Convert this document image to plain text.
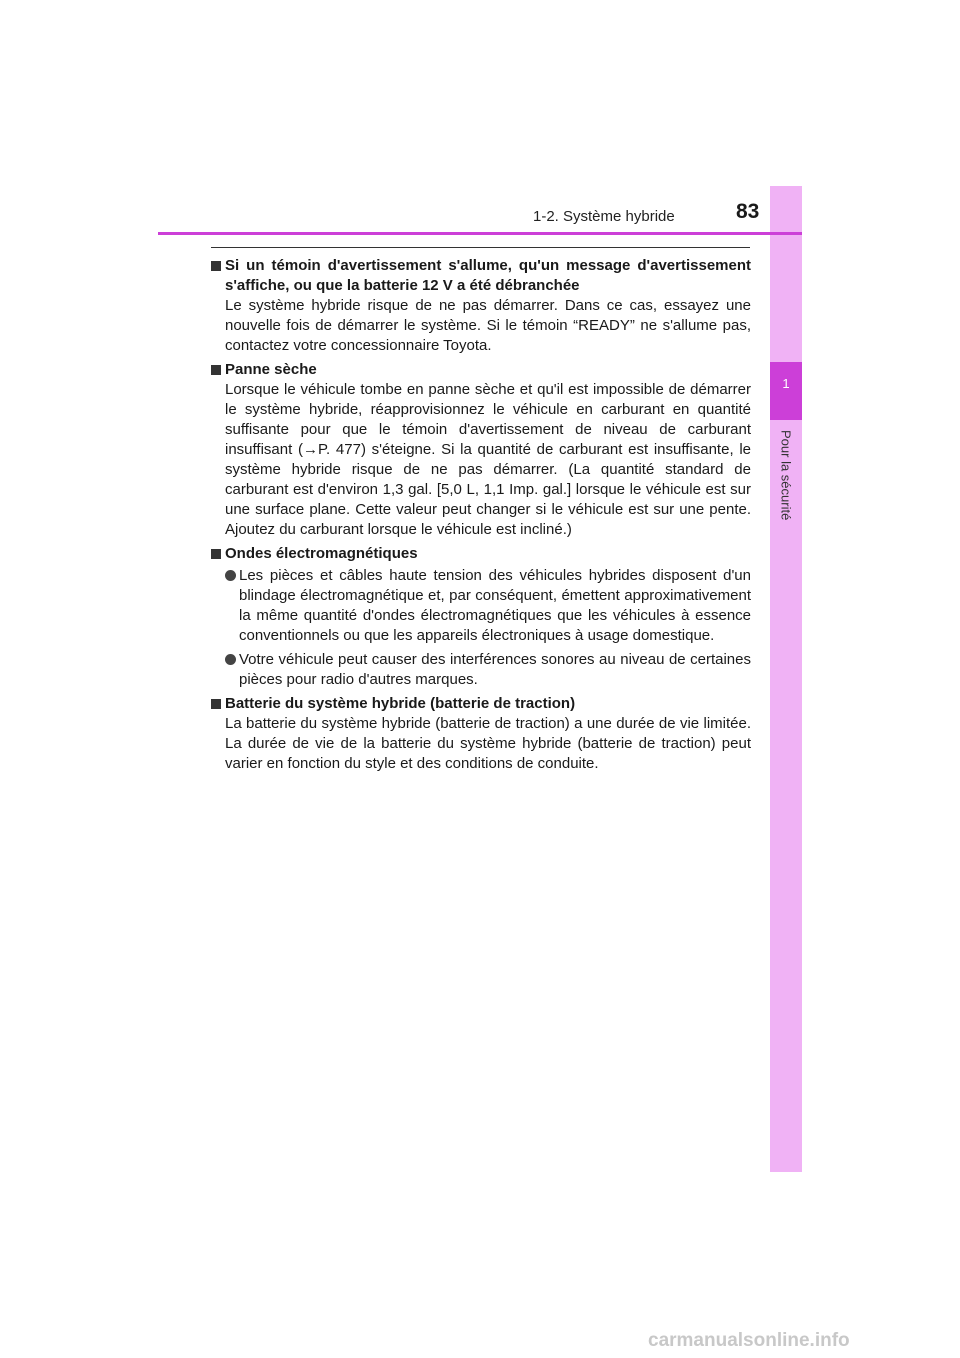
1
Pour la sécurité
1-2. Système hybride	83
Si un témoin d'avertissement s'allume, qu'un message d'avertissement s'affiche, ou que la batterie 12 V a été débranchée
Le système hybride risque de ne pas démarrer. Dans ce cas, essayez une nouvelle fois de démarrer le système. Si le témoin “READY” ne s'allume pas, contactez votre concessionnaire Toyota.
Panne sèche
Lorsque le véhicule tombe en panne sèche et qu'il est impossible de démarrer le système hybride, réapprovisionnez le véhicule en carburant en quantité suffisante pour que le témoin d'avertissement de niveau de carburant insuffisant (→P. 477) s'éteigne. Si la quantité de carburant est insuffisante, le système hybride risque de ne pas démarrer. (La quantité standard de carburant est d'environ 1,3 gal. [5,0 L, 1,1 Imp. gal.] lorsque le véhicule est sur une surface plane. Cette valeur peut changer si le véhicule est sur une pente. Ajoutez du carburant lorsque le véhicule est incliné.)
Ondes électromagnétiques
Les pièces et câbles haute tension des véhicules hybrides disposent d'un blindage électromagnétique et, par conséquent, émettent approximativement la même quantité d'ondes électromagnétiques que les véhicules à essence conventionnels ou que les appareils électroniques à usage domestique.
Votre véhicule peut causer des interférences sonores au niveau de certaines pièces pour radio d'autres marques.
Batterie du système hybride (batterie de traction)
La batterie du système hybride (batterie de traction) a une durée de vie limitée. La durée de vie de la batterie du système hybride (batterie de traction) peut varier en fonction du style et des conditions de conduite.
carmanualsonline.info
